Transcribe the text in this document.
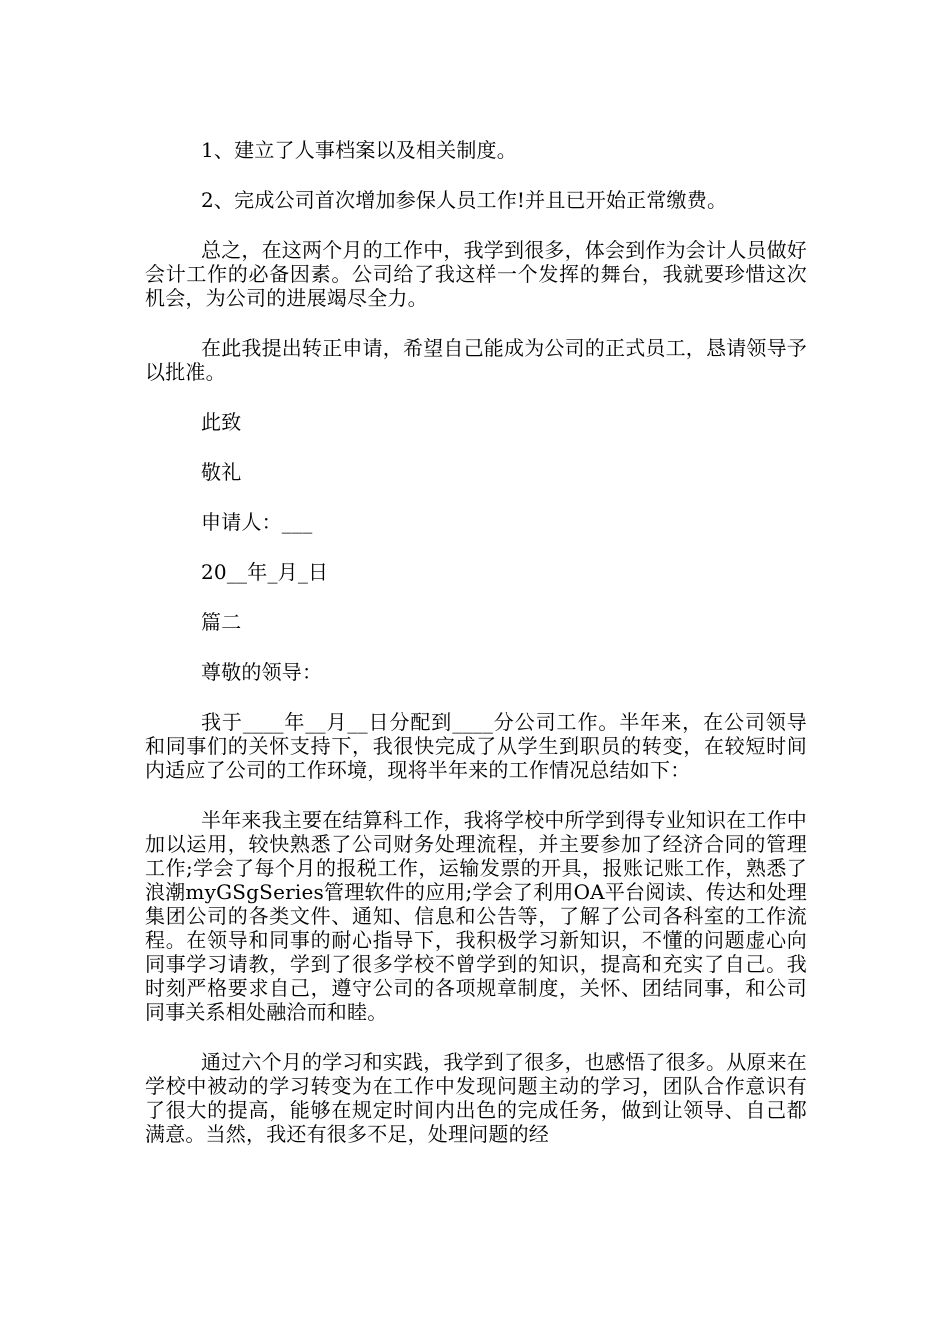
1、建立了人事档案以及相关制度。

2、完成公司首次增加参保人员工作!并且已开始正常缴费。

总之，在这两个月的工作中，我学到很多，体会到作为会计人员做好会计工作的必备因素。公司给了我这样一个发挥的舞台，我就要珍惜这次机会，为公司的进展竭尽全力。

在此我提出转正申请，希望自己能成为公司的正式员工，恳请领导予以批准。

此致

敬礼

申请人：___

20__年_月_日

篇二

尊敬的领导：

我于____年__月__日分配到____分公司工作。半年来，在公司领导和同事们的关怀支持下，我很快完成了从学生到职员的转变，在较短时间内适应了公司的工作环境，现将半年来的工作情况总结如下：

半年来我主要在结算科工作，我将学校中所学到得专业知识在工作中加以运用，较快熟悉了公司财务处理流程，并主要参加了经济合同的管理工作;学会了每个月的报税工作，运输发票的开具，报账记账工作，熟悉了浪潮myGSgSeries管理软件的应用;学会了利用OA平台阅读、传达和处理集团公司的各类文件、通知、信息和公告等，了解了公司各科室的工作流程。在领导和同事的耐心指导下，我积极学习新知识，不懂的问题虚心向同事学习请教，学到了很多学校不曾学到的知识，提高和充实了自己。我时刻严格要求自己，遵守公司的各项规章制度，关怀、团结同事，和公司同事关系相处融洽而和睦。

通过六个月的学习和实践，我学到了很多，也感悟了很多。从原来在学校中被动的学习转变为在工作中发现问题主动的学习，团队合作意识有了很大的提高，能够在规定时间内出色的完成任务，做到让领导、自己都满意。当然，我还有很多不足，处理问题的经
